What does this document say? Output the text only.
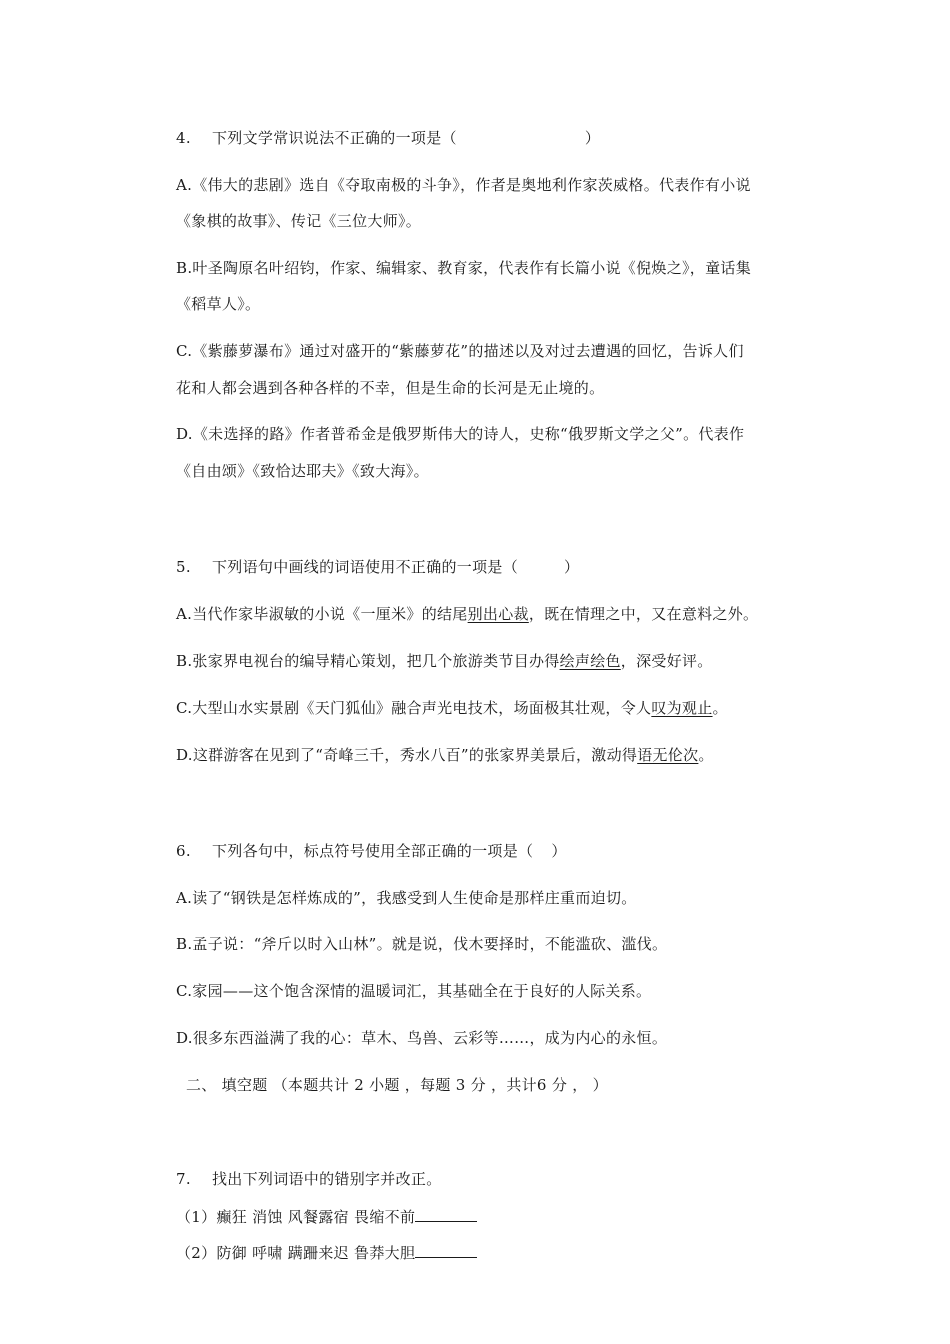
4. 下列文学常识说法不正确的一项是（	）
A.《伟大的悲剧》选自《夺取南极的斗争》，作者是奥地利作家茨威格。代表作有小说
《象棋的故事》、传记《三位大师》。
B.叶圣陶原名叶绍钧，作家、编辑家、教育家，代表作有长篇小说《倪焕之》，童话集
《稻草人》。
C.《紫藤萝瀑布》通过对盛开的“紫藤萝花”的描述以及对过去遭遇的回忆，告诉人们
花和人都会遇到各种各样的不幸，但是生命的长河是无止境的。
D.《未选择的路》作者普希金是俄罗斯伟大的诗人，史称“俄罗斯文学之父”。代表作
《自由颂》《致恰达耶夫》《致大海》。
5. 下列语句中画线的词语使用不正确的一项是（	）
A.当代作家毕淑敏的小说《一厘米》的结尾别出心裁，既在情理之中，又在意料之外。
B.张家界电视台的编导精心策划，把几个旅游类节目办得绘声绘色，深受好评。
C.大型山水实景剧《天门狐仙》融合声光电技术，场面极其壮观，令人叹为观止。
D.这群游客在见到了“奇峰三千，秀水八百”的张家界美景后，激动得语无伦次。
6. 下列各句中，标点符号使用全部正确的一项是（ ）
A.读了“钢铁是怎样炼成的”，我感受到人生使命是那样庄重而迫切。
B.孟子说：“斧斤以时入山林”。就是说，伐木要择时，不能滥砍、滥伐。
C.家园——这个饱含深情的温暖词汇，其基础全在于良好的人际关系。
D.很多东西溢满了我的心：草木、鸟兽、云彩等……，成为内心的永恒。
二、 填空题 （本题共计 2 小题 ，每题 3 分 ，共计6 分 ， ）
7. 找出下列词语中的错别字并改正。
（1）癫狂 消蚀 风餐露宿 畏缩不前
（2）防御 呼啸 蹒跚来迟 鲁莽大胆
